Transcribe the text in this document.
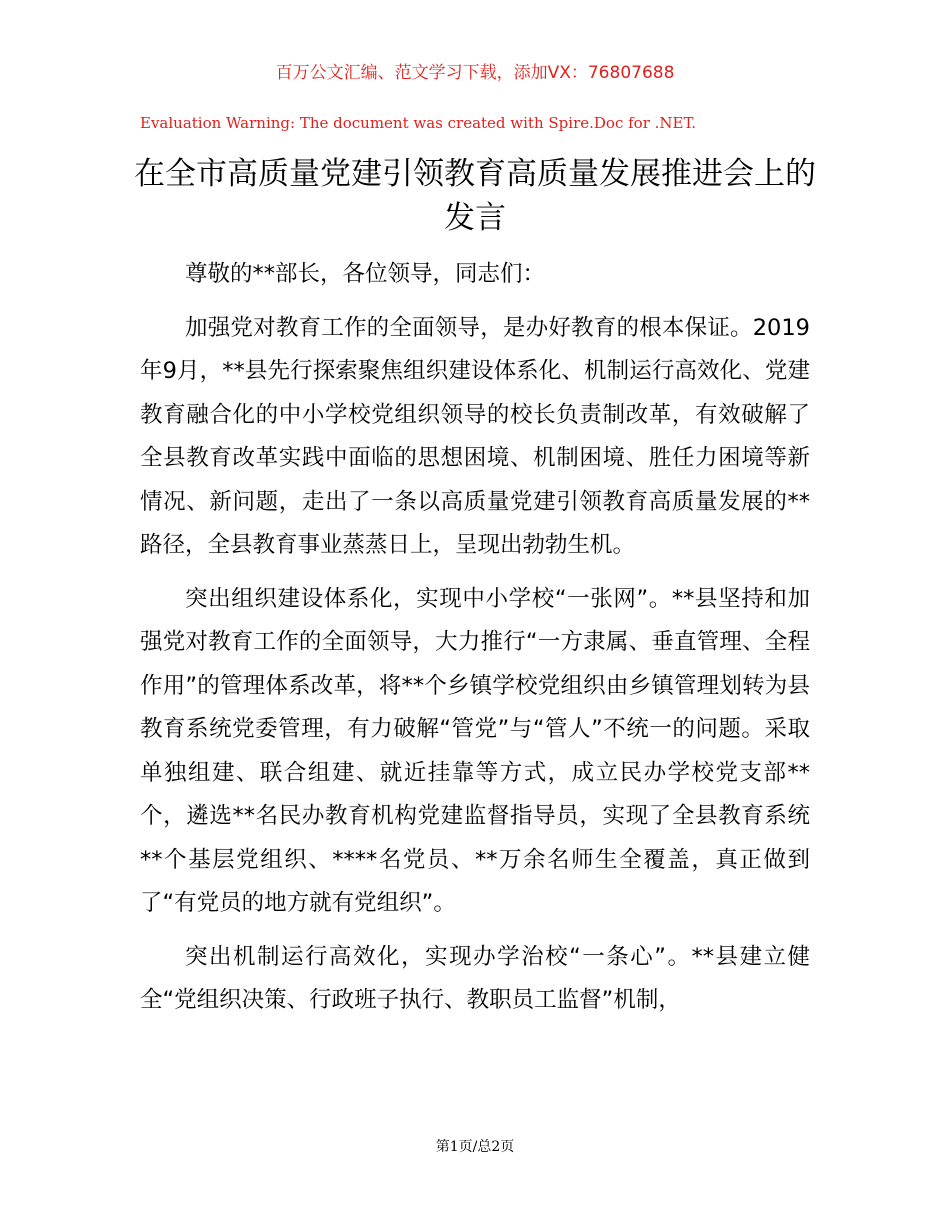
百万公文汇编、范文学习下载，添加VX：76807688
Evaluation Warning: The document was created with Spire.Doc for .NET.
在全市高质量党建引领教育高质量发展推进会上的发言

尊敬的**部长，各位领导，同志们：

加强党对教育工作的全面领导，是办好教育的根本保证。2019年9月，**县先行探索聚焦组织建设体系化、机制运行高效化、党建教育融合化的中小学校党组织领导的校长负责制改革，有效破解了全县教育改革实践中面临的思想困境、机制困境、胜任力困境等新情况、新问题，走出了一条以高质量党建引领教育高质量发展的**路径，全县教育事业蒸蒸日上，呈现出勃勃生机。

突出组织建设体系化，实现中小学校“一张网”。**县坚持和加强党对教育工作的全面领导，大力推行“一方隶属、垂直管理、全程作用”的管理体系改革，将**个乡镇学校党组织由乡镇管理划转为县教育系统党委管理，有力破解“管党”与“管人”不统一的问题。采取单独组建、联合组建、就近挂靠等方式，成立民办学校党支部**个，遴选**名民办教育机构党建监督指导员，实现了全县教育系统**个基层党组织、****名党员、**万余名师生全覆盖，真正做到了“有党员的地方就有党组织”。

突出机制运行高效化，实现办学治校“一条心”。**县建立健全“党组织决策、行政班子执行、教职员工监督”机制，

第1页/总2页
